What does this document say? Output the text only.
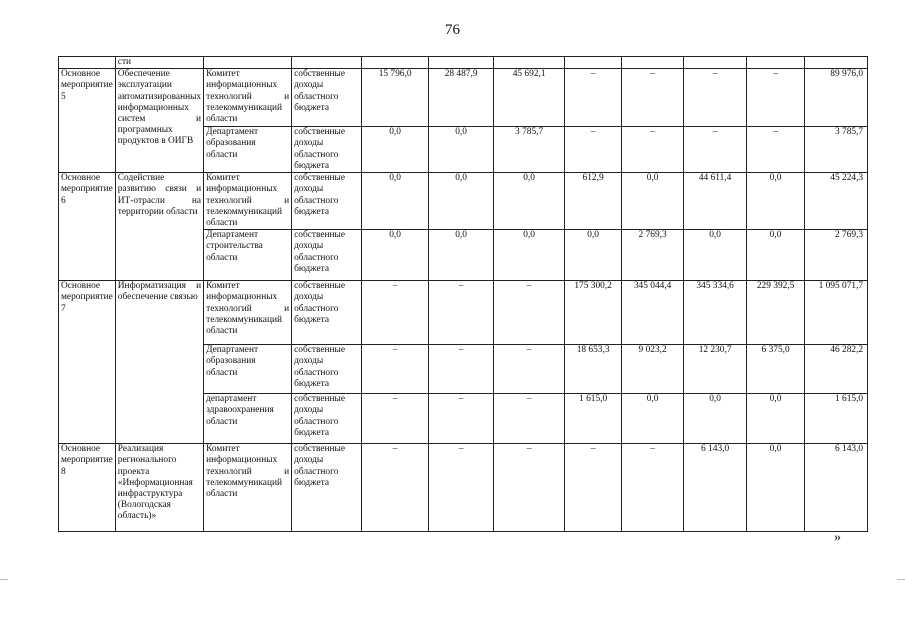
76
	сти										
Основное мероприятие 5	Обеспечение эксплуатации автоматизированных информационных систем и программных продуктов в ОИГВ	Комитет информационных технологий и телекоммуникаций области	собственные доходы областного бюджета	15 796,0	28 487,9	45 692,1	–	–	–	–	89 976,0
		Департамент образования области	собственные доходы областного бюджета	0,0	0,0	3 785,7	–	–	–	–	3 785,7
Основное мероприятие 6	Содействие развитию связи и ИТ-отрасли на территории области	Комитет информационных технологий и телекоммуникаций области	собственные доходы областного бюджета	0,0	0,0	0,0	612,9	0,0	44 611,4	0,0	45 224,3
		Департамент строительства области	собственные доходы областного бюджета	0,0	0,0	0,0	0,0	2 769,3	0,0	0,0	2 769,3
Основное мероприятие 7	Информатизация и обеспечение связью	Комитет информационных технологий и телекоммуникаций области	собственные доходы областного бюджета	–	–	–	175 300,2	345 044,4	345 334,6	229 392,5	1 095 071,7
		Департамент образования области	собственные доходы областного бюджета	–	–	–	18 653,3	9 023,2	12 230,7	6 375,0	46 282,2
		департамент здравоохранения области	собственные доходы областного бюджета	–	–	–	1 615,0	0,0	0,0	0,0	1 615,0
Основное мероприятие 8	Реализация регионального проекта «Информационная инфраструктура (Вологодская область)»	Комитет информационных технологий и телекоммуникаций области	собственные доходы областного бюджета	–	–	–	–	–	6 143,0	0,0	6 143,0
»
